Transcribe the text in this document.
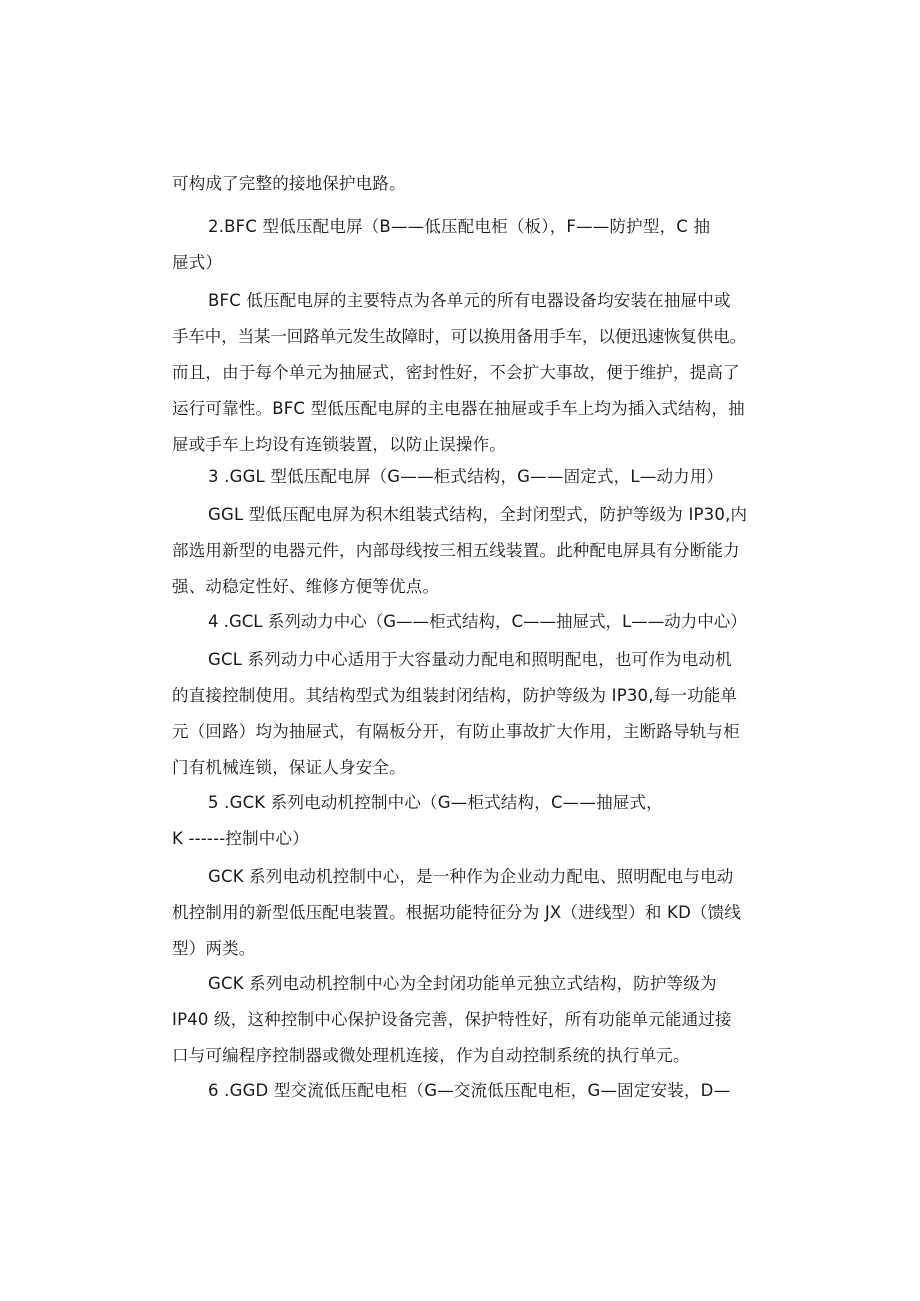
可构成了完整的接地保护电路。
2.BFC 型低压配电屏（B——低压配电柜（板），F——防护型，C 抽
屉式）
BFC 低压配电屏的主要特点为各单元的所有电器设备均安装在抽屉中或
手车中，当某一回路单元发生故障时，可以换用备用手车，以便迅速恢复供电。
而且，由于每个单元为抽屉式，密封性好，不会扩大事故，便于维护，提高了
运行可靠性。BFC 型低压配电屏的主电器在抽屉或手车上均为插入式结构，抽
屉或手车上均设有连锁装置，以防止误操作。
3 .GGL 型低压配电屏（G——柜式结构，G——固定式，L—动力用）
GGL 型低压配电屏为积木组装式结构，全封闭型式，防护等级为 IP30,内
部选用新型的电器元件，内部母线按三相五线装置。此种配电屏具有分断能力
强、动稳定性好、维修方便等优点。
4 .GCL 系列动力中心（G——柜式结构，C——抽屉式，L——动力中心）
GCL 系列动力中心适用于大容量动力配电和照明配电，也可作为电动机
的直接控制使用。其结构型式为组装封闭结构，防护等级为 IP30,每一功能单
元（回路）均为抽屉式，有隔板分开，有防止事故扩大作用，主断路导轨与柜
门有机械连锁，保证人身安全。
5 .GCK 系列电动机控制中心（G—柜式结构，C——抽屉式，
K ------控制中心）
GCK 系列电动机控制中心，是一种作为企业动力配电、照明配电与电动
机控制用的新型低压配电装置。根据功能特征分为 JX（进线型）和 KD（馈线
型）两类。
GCK 系列电动机控制中心为全封闭功能单元独立式结构，防护等级为
IP40 级，这种控制中心保护设备完善，保护特性好，所有功能单元能通过接
口与可编程序控制器或微处理机连接，作为自动控制系统的执行单元。
6 .GGD 型交流低压配电柜（G—交流低压配电柜，G—固定安装，D—
